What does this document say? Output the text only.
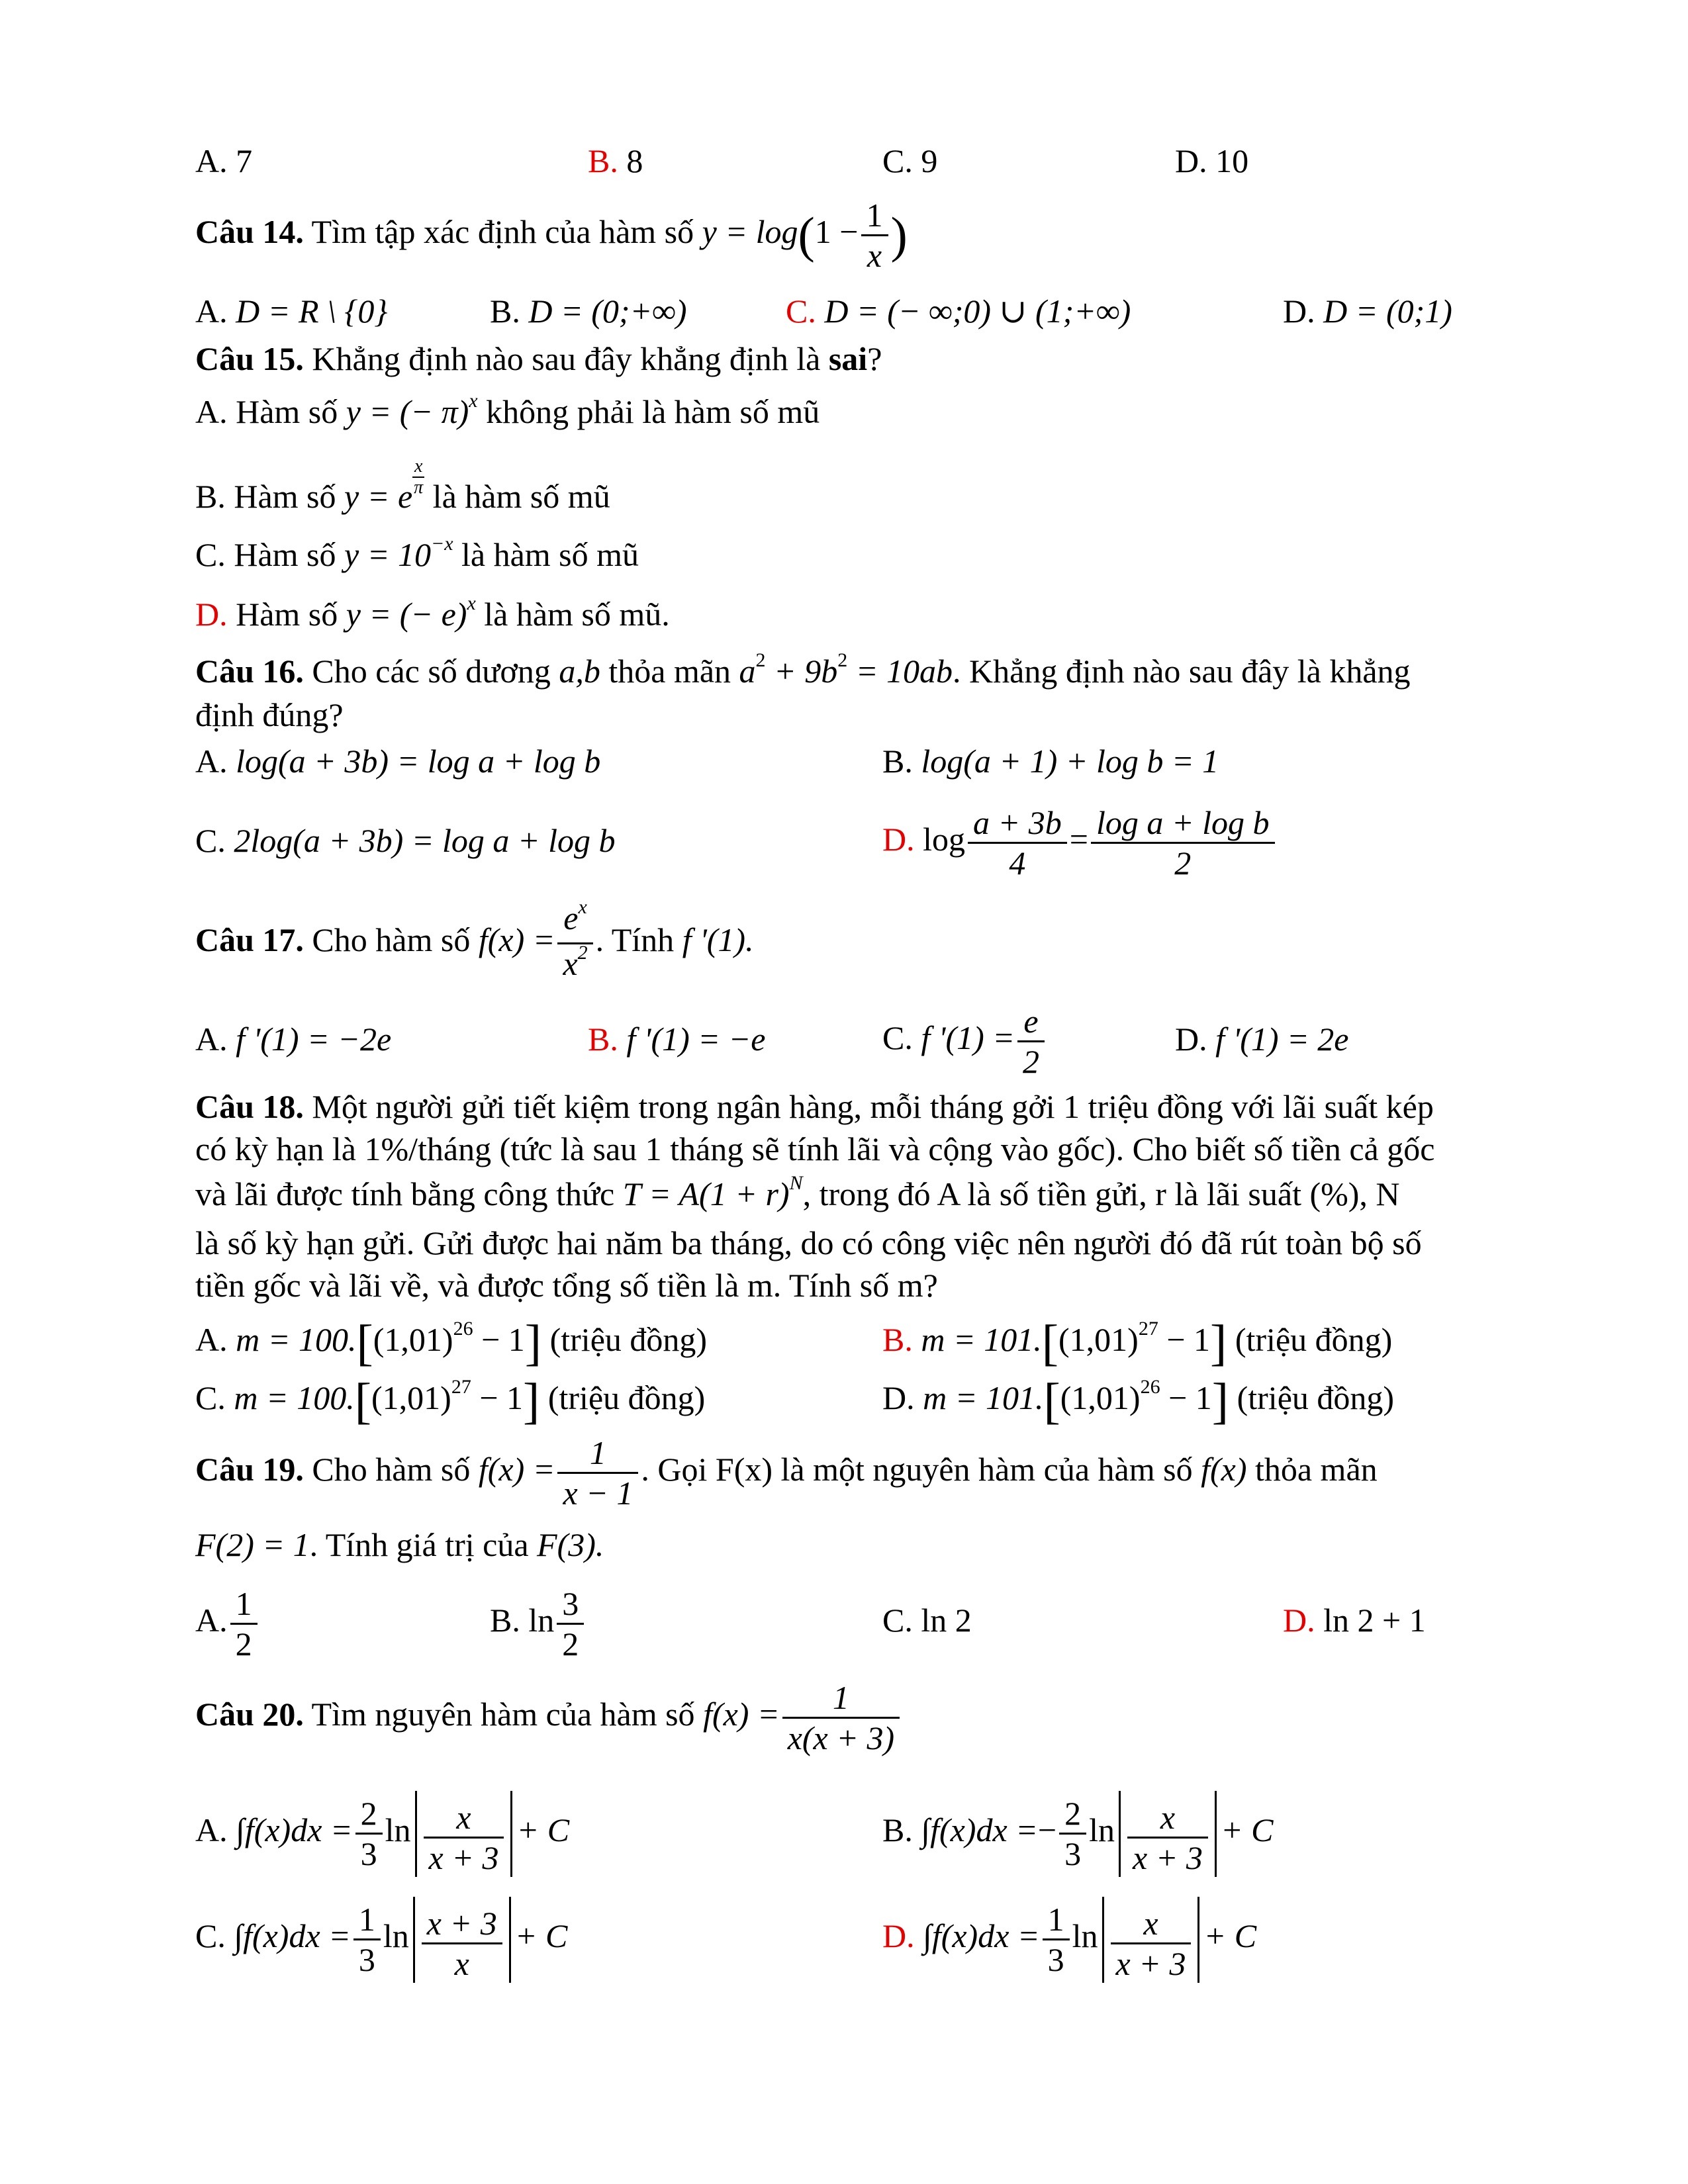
A. 7	B. 8	C. 9	D. 10
Câu 14. Tìm tập xác định của hàm số $y = \log(1 - \frac{1}{x}$ )
A. D = R \ {0}	B. D = (0;+∞)	C. D = (− ∞;0) ∪ (1;+∞)	D. D = (0;1)
Câu 15. Khẳng định nào sau đây khẳng định là sai?
A. Hàm số y = (− π)$^x$ không phải là hàm số mũ
B. Hàm số y = e $\frac{x}{\pi}$ là hàm số mũ
C. Hàm số $y = 10^{-x}$ là hàm số mũ
D. Hàm số y = (− e)$^x$ là hàm số mũ.
Câu 16. Cho các số dương a,b thỏa mãn $a^2 + 9b^2 = 10ab$. Khẳng định nào sau đây là khẳng
định đúng?
A. log(a + 3b) = log a + log b	B. log(a + 1) + log b = 1
C. 2log(a + 3b) = log a + log b	D. $\log \frac{a + 3b}{4} = \frac{\text{log a + log b}}{2}$
Câu 17. Cho hàm số $f(x) = \frac{e^x}{x^2}$ . Tính f '(1).
A. f '(1) = −2e	B. f '(1) = −e	C. f '$(1) = \frac{e}{2}$	D. f '(1) = 2e
Câu 18. Một người gửi tiết kiệm trong ngân hàng, mỗi tháng gởi 1 triệu đồng với lãi suất kép
có kỳ hạn là 1%/tháng (tức là sau 1 tháng sẽ tính lãi và cộng vào gốc). Cho biết số tiền cả gốc
và lãi được tính bằng công thức $T = A(1 + r)^N$, trong đó A là số tiền gửi, r là lãi suất (%), N
là số kỳ hạn gửi. Gửi được hai năm ba tháng, do có công việc nên người đó đã rút toàn bộ số
tiền gốc và lãi về, và được tổng số tiền là m. Tính số m?
A. $m = 100.[(1,01)^{26} - 1]$ (triệu đồng)	B. $m = 101.[(1,01)^{27} - 1]$ (triệu đồng)
C. $m = 100.[(1,01)^{27} - 1]$ (triệu đồng)	D. $m = 101.[(1,01)^{26} - 1]$ (triệu đồng)
Câu 19. Cho hàm số $f(x) = \frac{1}{x - 1}$ . Gọi F(x) là một nguyên hàm của hàm số f(x) thỏa mãn
F(2) = 1. Tính giá trị của F(3).
A. $\frac{1}{2}$	B. $\ln \frac{3}{2}$	C. ln 2	D. ln 2 + 1
Câu 20. Tìm nguyên hàm của hàm số $f(x) = \frac{1}{x(x + 3)}$
A. $\int f(x)dx = \frac{2}{3}$ $\ln \frac{x}{x + 3} + C$	B. $\int f(x)dx =- \frac{2}{3}$ $\ln \frac{x}{x + 3} + C$
C. $\int f(x)dx = \frac{1}{3}$ $\ln \frac{x + 3}{x} + C$	D. $\int f(x)dx = \frac{1}{3}$ $\ln \frac{x}{x + 3} + C$
